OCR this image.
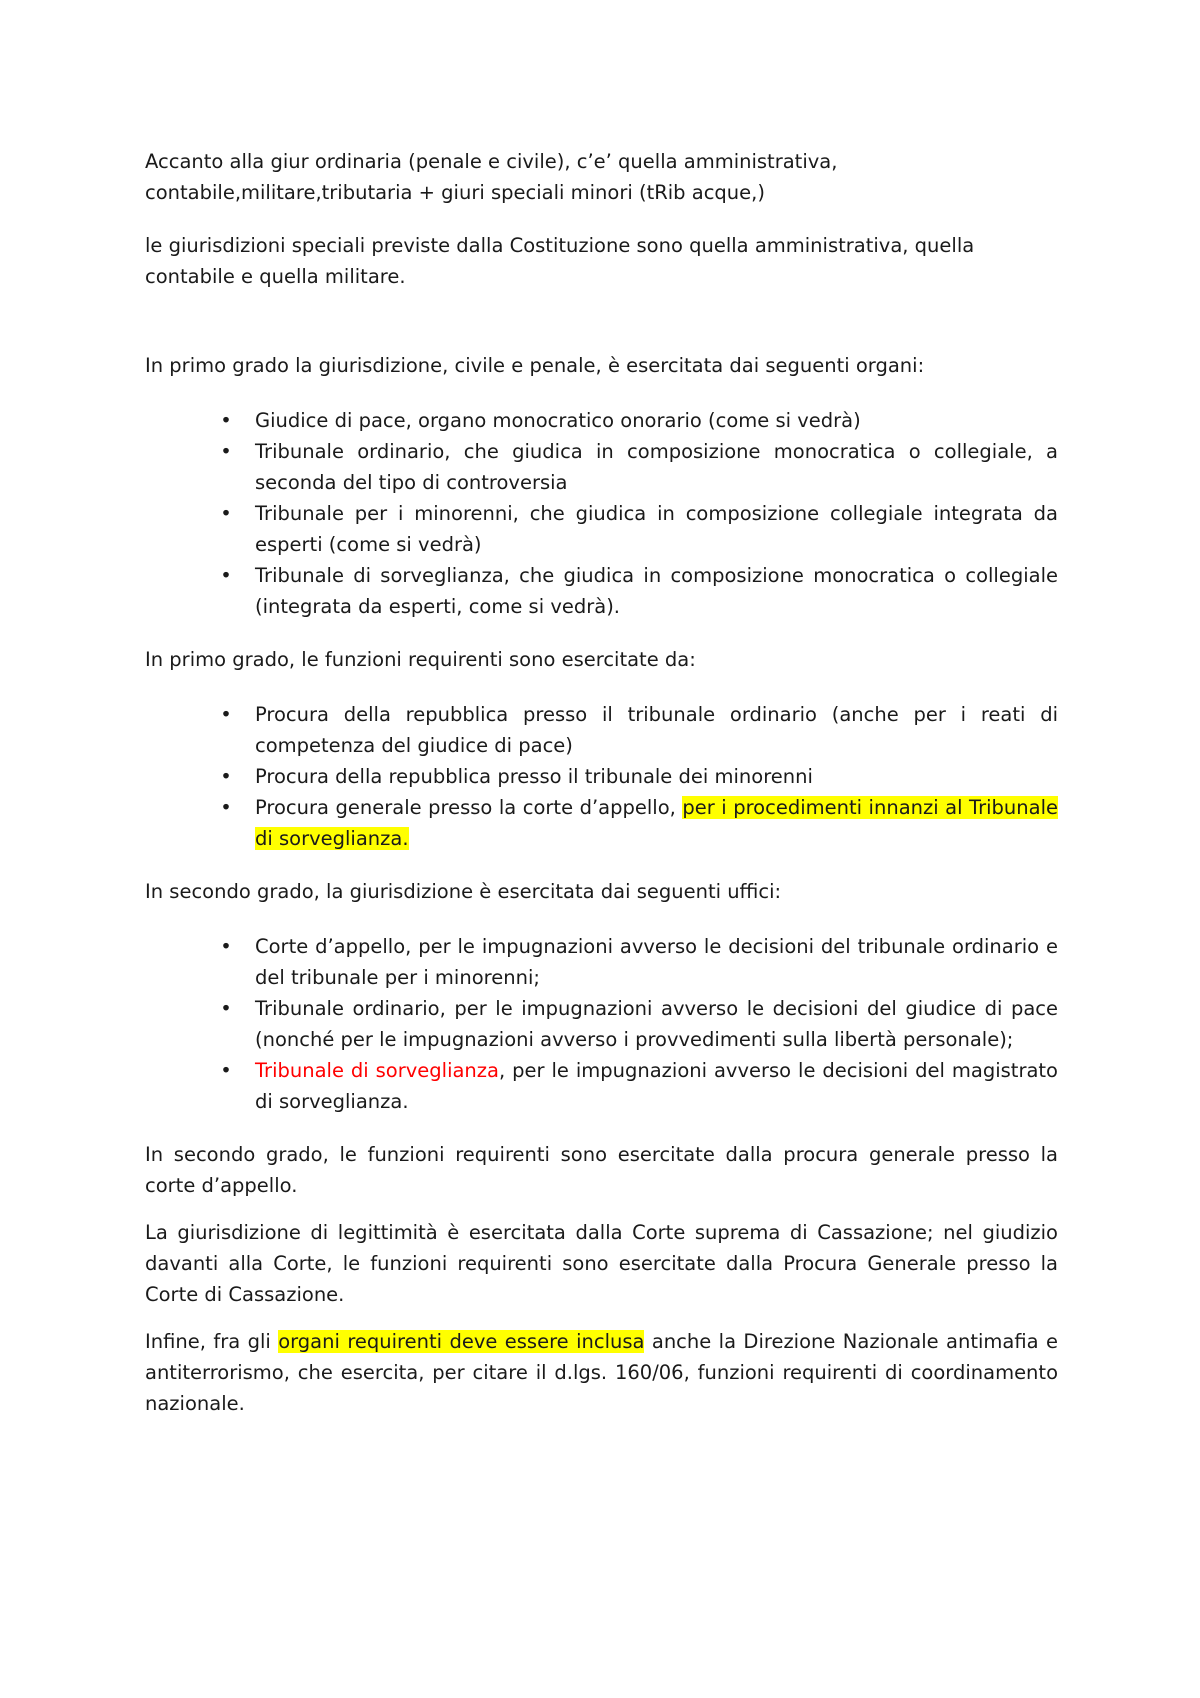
Accanto alla giur ordinaria (penale e civile), c’e’ quella amministrativa,
contabile,militare,tributaria + giuri speciali minori (tRib acque,)

le giurisdizioni speciali previste dalla Costituzione sono quella amministrativa, quella contabile e quella militare.

In primo grado la giurisdizione, civile e penale, è esercitata dai seguenti organi:

• Giudice di pace, organo monocratico onorario (come si vedrà)
• Tribunale ordinario, che giudica in composizione monocratica o collegiale, a seconda del tipo di controversia
• Tribunale per i minorenni, che giudica in composizione collegiale integrata da esperti (come si vedrà)
• Tribunale di sorveglianza, che giudica in composizione monocratica o collegiale (integrata da esperti, come si vedrà).

In primo grado, le funzioni requirenti sono esercitate da:

• Procura della repubblica presso il tribunale ordinario (anche per i reati di competenza del giudice di pace)
• Procura della repubblica presso il tribunale dei minorenni
• Procura generale presso la corte d’appello, per i procedimenti innanzi al Tribunale di sorveglianza.

In secondo grado, la giurisdizione è esercitata dai seguenti uffici:

• Corte d’appello, per le impugnazioni avverso le decisioni del tribunale ordinario e del tribunale per i minorenni;
• Tribunale ordinario, per le impugnazioni avverso le decisioni del giudice di pace (nonché per le impugnazioni avverso i provvedimenti sulla libertà personale);
• Tribunale di sorveglianza, per le impugnazioni avverso le decisioni del magistrato di sorveglianza.

In secondo grado, le funzioni requirenti sono esercitate dalla procura generale presso la corte d’appello.

La giurisdizione di legittimità è esercitata dalla Corte suprema di Cassazione; nel giudizio davanti alla Corte, le funzioni requirenti sono esercitate dalla Procura Generale presso la Corte di Cassazione.

Infine, fra gli organi requirenti deve essere inclusa anche la Direzione Nazionale antimafia e antiterrorismo, che esercita, per citare il d.lgs. 160/06, funzioni requirenti di coordinamento nazionale.
